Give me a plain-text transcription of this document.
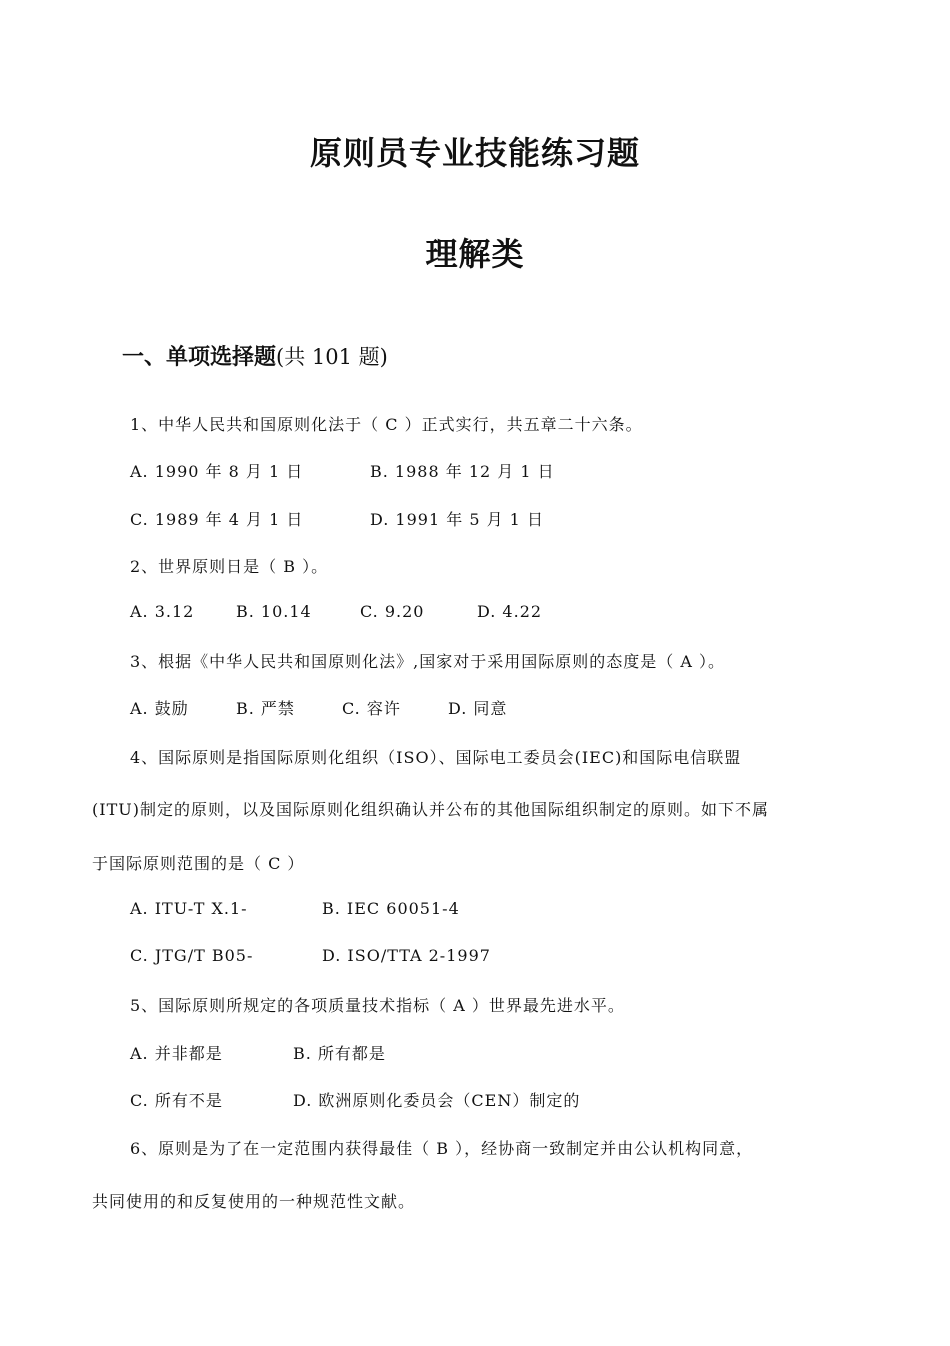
原则员专业技能练习题
理解类
一、单项选择题(共 101 题)
1、中华人民共和国原则化法于（ C ）正式实行，共五章二十六条。
A. 1990 年 8 月 1 日	B. 1988 年 12 月 1 日
C. 1989 年 4 月 1 日	D. 1991 年 5 月 1 日
2、世界原则日是（ B ）。
A. 3.12	B. 10.14	C. 9.20	D. 4.22
3、根据《中华人民共和国原则化法》,国家对于采用国际原则的态度是（ A ）。
A. 鼓励	B. 严禁	C. 容许	D. 同意
4、国际原则是指国际原则化组织（ISO）、国际电工委员会(IEC)和国际电信联盟
(ITU)制定的原则，以及国际原则化组织确认并公布的其他国际组织制定的原则。如下不属
于国际原则范围的是（ C ）
A. ITU-T X.1-	B. IEC 60051-4
C. JTG/T B05-	D. ISO/TTA 2-1997
5、国际原则所规定的各项质量技术指标（ A ）世界最先进水平。
A. 并非都是	B. 所有都是
C. 所有不是	D. 欧洲原则化委员会（CEN）制定的
6、原则是为了在一定范围内获得最佳（ B ），经协商一致制定并由公认机构同意，
共同使用的和反复使用的一种规范性文献。
